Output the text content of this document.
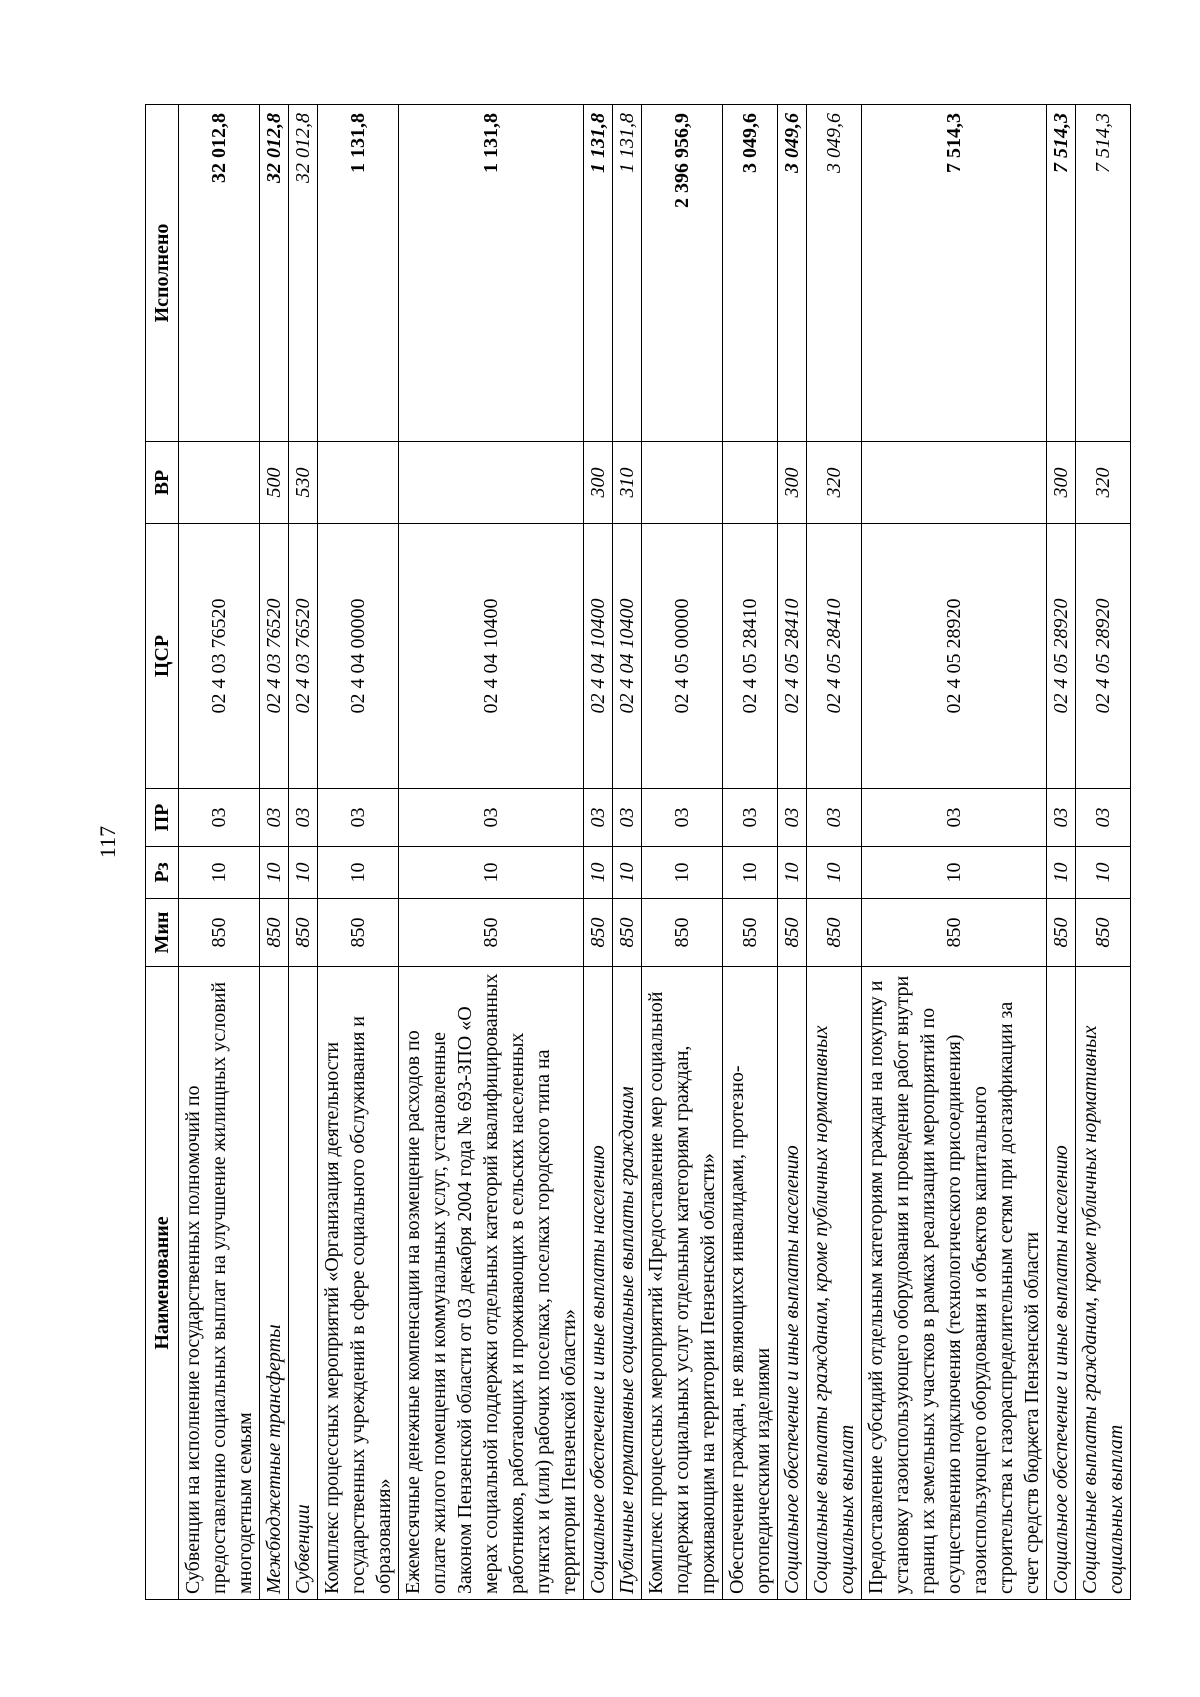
117
Наименование	Мин	Рз	ПР	ЦСР	ВР	Исполнено
Субвенции на исполнение государственных полномочий по предоставлению социальных выплат на улучшение жилищных условий многодетным семьям	850	10	03	02 4 03 76520		32 012,8
Межбюджетные трансферты	850	10	03	02 4 03 76520	500	32 012,8
Субвенции	850	10	03	02 4 03 76520	530	32 012,8
Комплекс процессных мероприятий «Организация деятельности государственных учреждений в сфере социального обслуживания и образования»	850	10	03	02 4 04 00000		1 131,8
Ежемесячные денежные компенсации на возмещение расходов по оплате жилого помещения и коммунальных услуг, установленные Законом Пензенской области от 03 декабря 2004 года № 693-ЗПО «О мерах социальной поддержки отдельных категорий квалифицированных работников, работающих и проживающих в сельских населенных пунктах и (или) рабочих поселках, поселках городского типа на территории Пензенской области»	850	10	03	02 4 04 10400		1 131,8
Социальное обеспечение и иные выплаты населению	850	10	03	02 4 04 10400	300	1 131,8
Публичные нормативные социальные выплаты гражданам	850	10	03	02 4 04 10400	310	1 131,8
Комплекс процессных мероприятий «Предоставление мер социальной поддержки и социальных услуг отдельным категориям граждан, проживающим на территории Пензенской области»	850	10	03	02 4 05 00000		2 396 956,9
Обеспечение граждан, не являющихся инвалидами, протезно-ортопедическими изделиями	850	10	03	02 4 05 28410		3 049,6
Социальное обеспечение и иные выплаты населению	850	10	03	02 4 05 28410	300	3 049,6
Социальные выплаты гражданам, кроме публичных нормативных социальных выплат	850	10	03	02 4 05 28410	320	3 049,6
Предоставление субсидий отдельным категориям граждан на покупку и установку газоиспользующего оборудования и проведение работ внутри границ их земельных участков в рамках реализации мероприятий по осуществлению подключения (технологического присоединения) газоиспользующего оборудования и объектов капитального строительства к газораспределительным сетям при догазификации за счет средств бюджета Пензенской области	850	10	03	02 4 05 28920		7 514,3
Социальное обеспечение и иные выплаты населению	850	10	03	02 4 05 28920	300	7 514,3
Социальные выплаты гражданам, кроме публичных нормативных социальных выплат	850	10	03	02 4 05 28920	320	7 514,3
